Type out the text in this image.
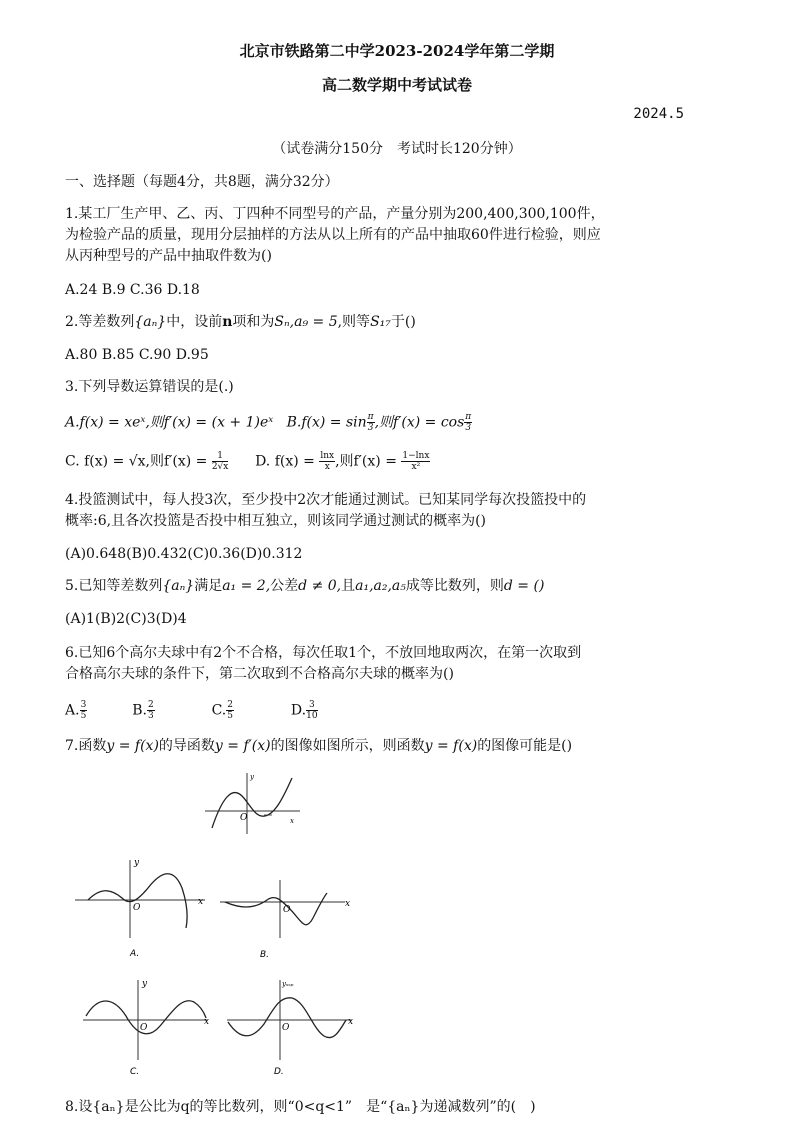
北京市铁路第二中学2023-2024学年第二学期
高二数学期中考试试卷
2024.5
（试卷满分150分　考试时长120分钟）
一、选择题（每题4分，共8题，满分32分）
1.某工厂生产甲、乙、丙、丁四种不同型号的产品，产量分别为200,400,300,100件，
为检验产品的质量，现用分层抽样的方法从以上所有的产品中抽取60件进行检验，则应
从丙种型号的产品中抽取件数为()
A.24 B.9 C.36 D.18
2.等差数列{aₙ}中，设前n项和为Sₙ,a₉ = 5,则等S₁₇于()
A.80 B.85 C.90 D.95
3.下列导数运算错误的是(.)
A.f(x) = xeˣ,则f′(x) = (x + 1)eˣ $B.f(x) = \sin \frac{\pi}{3}$ ,则$f'(x) = \cos \frac{\pi}{3}$
C. f(x) = √x,则$f'(x) = \frac{1}{2√x} D$. $f(x) = \frac{\ln x}{x}$ ,则$f'(x) = \frac{1-\ln x}{\text{x²}}$
4.投篮测试中，每人投3次，至少投中2次才能通过测试。已知某同学每次投篮投中的
概率:6,且各次投篮是否投中相互独立，则该同学通过测试的概率为()
(A)0.648(B)0.432(C)0.36(D)0.312
5.已知等差数列{aₙ}满足a₁ = 2,公差d ≠ 0,且a₁,a₂,a₅成等比数列，则d = ()
(A)1(B)2(C)3(D)4
6.已知6个高尔夫球中有2个不合格，每次任取1个，不放回地取两次，在第一次取到
合格高尔夫球的条件下，第二次取到不合格高尔夫球的概率为()
A. $\frac{3}{5}$	B. $\frac{2}{3}$	C. $\frac{2}{5}$	D. $\frac{3}{10}$
7.函数y = f(x)的导函数y = f′(x)的图像如图所示，则函数y = f(x)的图像可能是()
O	x
y
O
x
y
A.
O
x
B.
O
x
y
C.
O
x
yₛₛₚ
D.
8.设{aₙ}是公比为q的等比数列，则“0<q<1”　是“{aₙ}为递减数列”的(　)
